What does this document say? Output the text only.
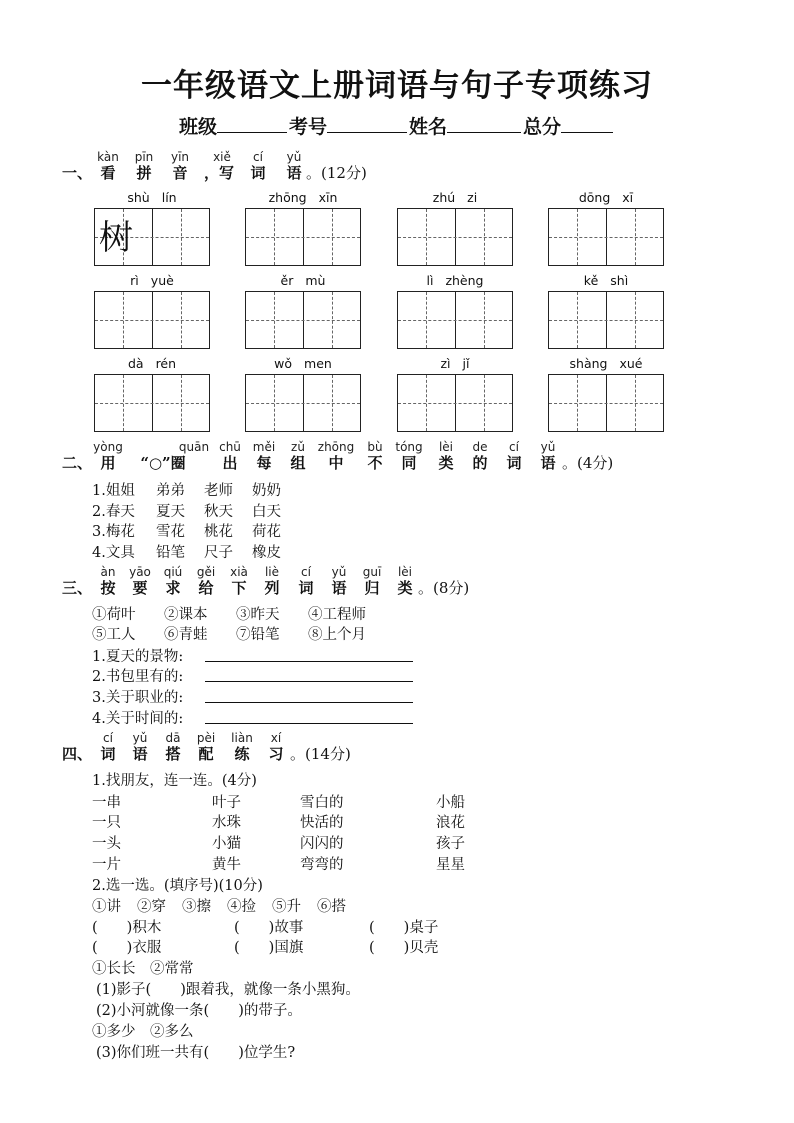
一年级语文上册词语与句子专项练习
班级	考号	姓名	总分
kàn	pīn	yīn	xiě	cí	yǔ
一、 看	拼	音	，写	词	语 。(12分)
shù lín	zhōng xīn	zhú zi	dōng xī
树
rì yuè	ěr mù	lì zhèng	kě shì
dà rén	wǒ men	zì jǐ	shàng xué
yòng	quān chū měi	zǔ	zhōng	bù	tóng	lèi	de	cí	yǔ
二、 用	“○”圈	出	每	组	中	不	同	类	的	词	语 。(4分)
1.姐姐 弟弟 老师 奶奶
2.春天 夏天 秋天 白天
3.梅花 雪花 桃花 荷花
4.文具 铅笔 尺子 橡皮
àn	yāo	qiú	gěi	xià	liè	cí	yǔ	guī	lèi
三、 按	要	求	给	下	列	词	语	归	类 。(8分)
①荷叶 ②课本 ③昨天 ④工程师
⑤工人 ⑥青蛙 ⑦铅笔 ⑧上个月
1.夏天的景物:
2.书包里有的:
3.关于职业的:
4.关于时间的:
cí	yǔ	dā	pèi	liàn	xí
四、 词	语	搭	配	练	习 。(14分)
1.找朋友，连一连。(4分)
一串	叶子	雪白的	小船
一只	水珠	快活的	浪花
一头	小猫	闪闪的	孩子
一片	黄牛	弯弯的	星星
2.选一选。(填序号)(10分)
①讲 ②穿 ③擦 ④捡 ⑤升 ⑥搭
(　　)积木	(　　)故事	(　　)桌子
(　　)衣服	(　　)国旗	(　　)贝壳
①长长 ②常常
(1)影子(　　)跟着我，就像一条小黑狗。
(2)小河就像一条(　　)的带子。
①多少 ②多么
(3)你们班一共有(　　)位学生?
